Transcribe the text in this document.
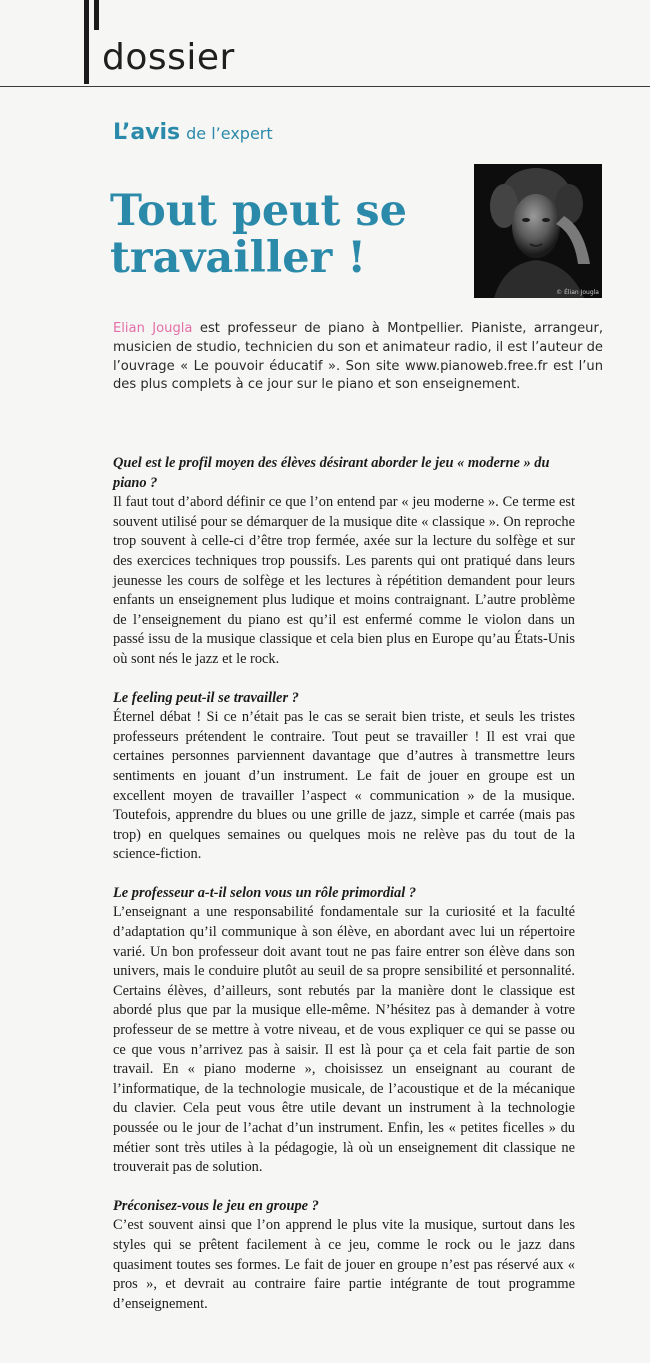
dossier
L’avis de l’expert
Tout peut se travailler !
© Élian Jougla
Elian Jougla est professeur de piano à Montpellier. Pianiste, arrangeur, musicien de studio, technicien du son et animateur radio, il est l’auteur de l’ouvrage « Le pouvoir éducatif ». Son site www.pianoweb.free.fr est l’un des plus complets à ce jour sur le piano et son enseignement.

Quel est le profil moyen des élèves désirant aborder le jeu « moderne » du piano ?

Il faut tout d’abord définir ce que l’on entend par « jeu moderne ». Ce terme est souvent utilisé pour se démarquer de la musique dite « classique ». On reproche trop souvent à celle-ci d’être trop fermée, axée sur la lecture du solfège et sur des exercices techniques trop poussifs. Les parents qui ont pratiqué dans leurs jeunesse les cours de solfège et les lectures à répétition demandent pour leurs enfants un enseignement plus ludique et moins contraignant. L’autre problème de l’enseignement du piano est qu’il est enfermé comme le violon dans un passé issu de la musique classique et cela bien plus en Europe qu’au États-Unis où sont nés le jazz et le rock.

Le feeling peut-il se travailler ?

Éternel débat ! Si ce n’était pas le cas se serait bien triste, et seuls les tristes professeurs prétendent le contraire. Tout peut se travailler ! Il est vrai que certaines personnes parviennent davantage que d’autres à transmettre leurs sentiments en jouant d’un instrument. Le fait de jouer en groupe est un excellent moyen de travailler l’aspect « communication » de la musique. Toutefois, apprendre du blues ou une grille de jazz, simple et carrée (mais pas trop) en quelques semaines ou quelques mois ne relève pas du tout de la science-fiction.

Le professeur a-t-il selon vous un rôle primordial ?

L’enseignant a une responsabilité fondamentale sur la curiosité et la faculté d’adaptation qu’il communique à son élève, en abordant avec lui un répertoire varié. Un bon professeur doit avant tout ne pas faire entrer son élève dans son univers, mais le conduire plutôt au seuil de sa propre sensibilité et personnalité. Certains élèves, d’ailleurs, sont rebutés par la manière dont le classique est abordé plus que par la musique elle-même. N’hésitez pas à demander à votre professeur de se mettre à votre niveau, et de vous expliquer ce qui se passe ou ce que vous n’arrivez pas à saisir. Il est là pour ça et cela fait partie de son travail. En « piano moderne », choisissez un enseignant au courant de l’informatique, de la technologie musicale, de l’acoustique et de la mécanique du clavier. Cela peut vous être utile devant un instrument à la technologie poussée ou le jour de l’achat d’un instrument. Enfin, les « petites ficelles » du métier sont très utiles à la pédagogie, là où un enseignement dit classique ne trouverait pas de solution.

Préconisez-vous le jeu en groupe ?

C’est souvent ainsi que l’on apprend le plus vite la musique, surtout dans les styles qui se prêtent facilement à ce jeu, comme le rock ou le jazz dans quasiment toutes ses formes. Le fait de jouer en groupe n’est pas réservé aux « pros », et devrait au contraire faire partie intégrante de tout programme d’enseignement.
